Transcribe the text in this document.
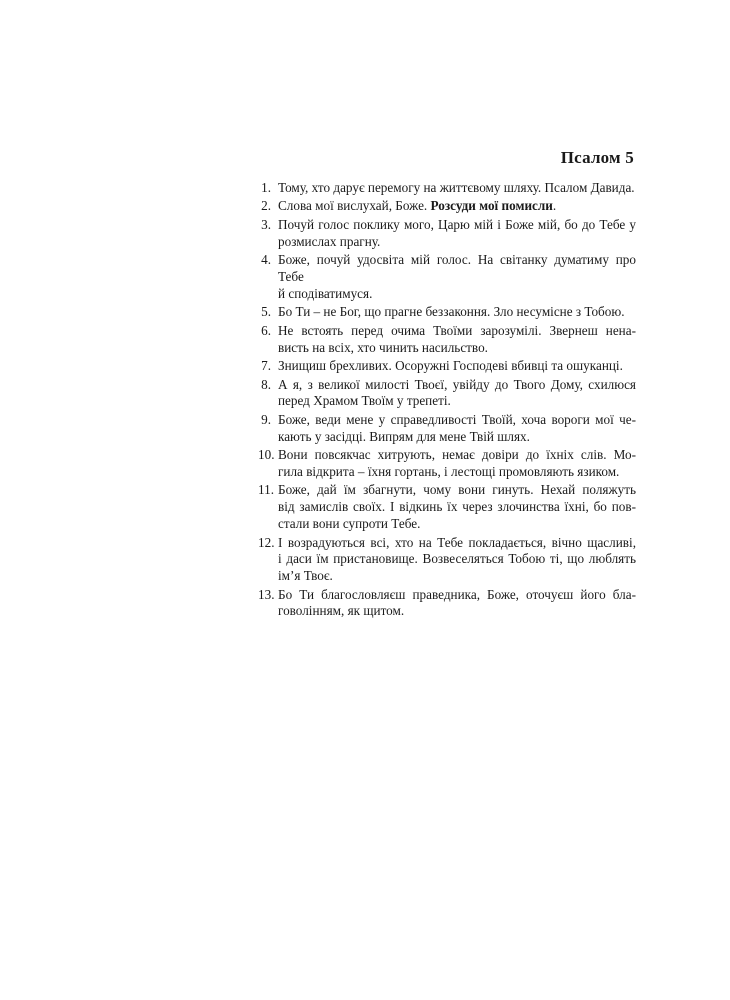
Псалом 5
1. Тому, хто дарує перемогу на життєвому шляху. Псалом Давида.
2. Слова мої вислухай, Боже. Розсуди мої помисли.
3. Почуй голос поклику мого, Царю мій і Боже мій, бо до Тебе у
розмислах прагну.
4. Боже, почуй удосвіта мій голос. На світанку думатиму про Тебе
й сподіватимуся.
5. Бо Ти – не Бог, що прагне беззаконня. Зло несумісне з Тобою.
6. Не встоять перед очима Твоїми зарозумілі. Звернеш нена-
висть на всіх, хто чинить насильство.
7. Знищиш брехливих. Осоружні Господеві вбивці та ошуканці.
8. А я, з великої милості Твоєї, увійду до Твого Дому, схилюся
перед Храмом Твоїм у трепеті.
9. Боже, веди мене у справедливості Твоїй, хоча вороги мої че-
кають у засідці. Випрям для мене Твій шлях.
10. Вони повсякчас хитрують, немає довіри до їхніх слів. Мо-
гила відкрита – їхня гортань, і лестощі промовляють язиком.
11. Боже, дай їм збагнути, чому вони гинуть. Нехай поляжуть
від замислів своїх. І відкинь їх через злочинства їхні, бо пов-
стали вони супроти Тебе.
12. І возрадуються всі, хто на Тебе покладається, вічно щасливі,
і даси їм пристановище. Возвеселяться Тобою ті, що люблять
ім’я Твоє.
13. Бо Ти благословляєш праведника, Боже, оточуєш його бла-
говолінням, як щитом.
